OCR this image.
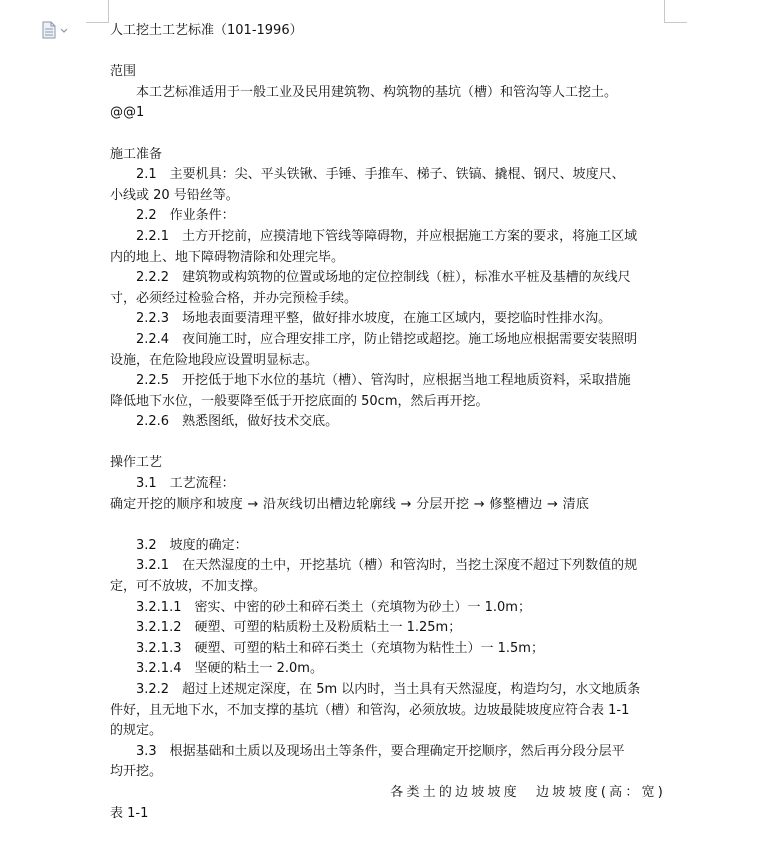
人工挖土工艺标准（101-1996）
范围
本工艺标准适用于一般工业及民用建筑物、构筑物的基坑（槽）和管沟等人工挖土。
@@1
施工准备
2.1　主要机具：尖、平头铁锹、手锤、手推车、梯子、铁镐、撬棍、钢尺、坡度尺、
小线或 20 号铅丝等。
2.2　作业条件：
2.2.1　土方开挖前，应摸清地下管线等障碍物，并应根据施工方案的要求，将施工区域
内的地上、地下障碍物清除和处理完毕。
2.2.2　建筑物或构筑物的位置或场地的定位控制线（桩），标准水平桩及基槽的灰线尺
寸，必须经过检验合格，并办完预检手续。
2.2.3　场地表面要清理平整，做好排水坡度，在施工区域内，要挖临时性排水沟。
2.2.4　夜间施工时，应合理安排工序，防止错挖或超挖。施工场地应根据需要安装照明
设施，在危险地段应设置明显标志。
2.2.5　开挖低于地下水位的基坑（槽）、管沟时，应根据当地工程地质资料，采取措施
降低地下水位，一般要降至低于开挖底面的 50cm，然后再开挖。
2.2.6　熟悉图纸，做好技术交底。
操作工艺
3.1　工艺流程：
确定开挖的顺序和坡度 → 沿灰线切出槽边轮廓线 → 分层开挖 → 修整槽边 → 清底
3.2　坡度的确定：
3.2.1　在天然湿度的土中，开挖基坑（槽）和管沟时，当挖土深度不超过下列数值的规
定，可不放坡，不加支撑。
3.2.1.1　密实、中密的砂土和碎石类土（充填物为砂土）一 1.0m；
3.2.1.2　硬塑、可塑的粘质粉土及粉质粘土一 1.25m；
3.2.1.3　硬塑、可塑的粘土和碎石类土（充填物为粘性土）一 1.5m；
3.2.1.4　坚硬的粘土一 2.0m。
3.2.2　超过上述规定深度，在 5m 以内时，当土具有天然湿度，构造均匀，水文地质条
件好，且无地下水，不加支撑的基坑（槽）和管沟，必须放坡。边坡最陡坡度应符合表 1-1
的规定。
3.3　根据基础和土质以及现场出土等条件，要合理确定开挖顺序，然后再分段分层平
均开挖。
各类土的边坡坡度　边坡坡度(高：宽)
表 1-1
